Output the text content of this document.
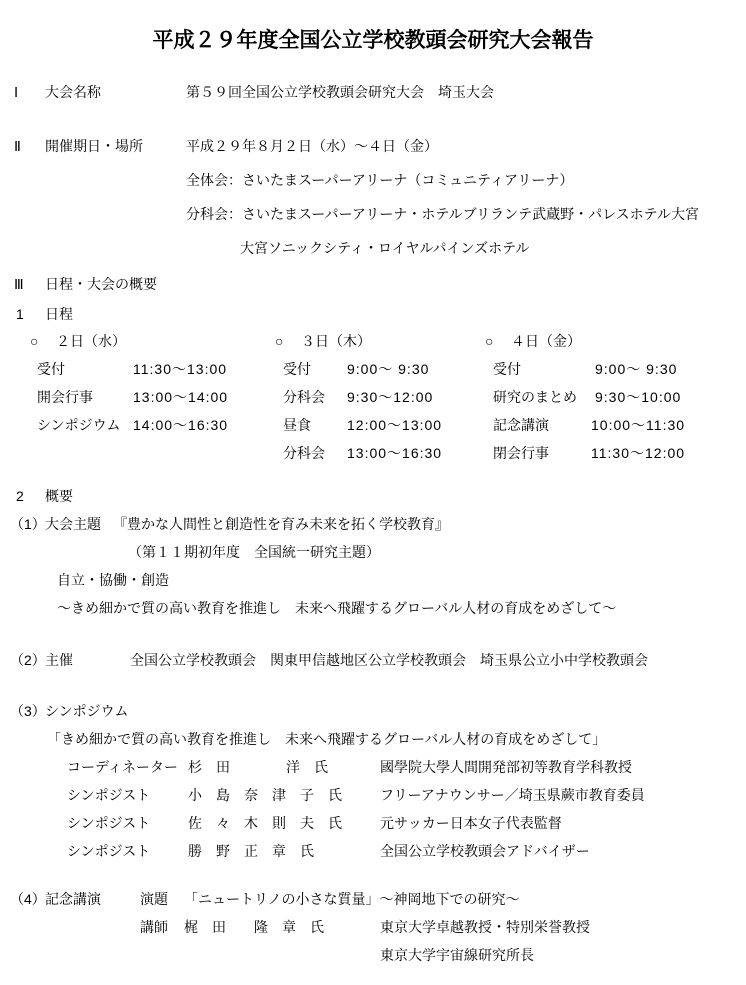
平成２９年度全国公立学校教頭会研究大会報告
Ⅰ 大会名称	第５９回全国公立学校教頭会研究大会　埼玉大会
Ⅱ 開催期日・場所	平成２９年８月２日（水）～４日（金）
全体会：さいたまスーパーアリーナ（コミュニティアリーナ）
分科会：さいたまスーパーアリーナ・ホテルブリランテ武蔵野・パレスホテル大宮
大宮ソニックシティ・ロイヤルパインズホテル
Ⅲ 日程・大会の概要
1 日程
○ ２日（水）
受付	11:30～13:00
開会行事	13:00～14:00
シンポジウム 14:00～16:30
○ ３日（木）
受付	9:00～ 9:30
分科会 9:30～12:00
昼食	12:00～13:00
分科会 13:00～16:30
○ ４日（金）
受付	9:00～ 9:30
研究のまとめ 9:30～10:00
記念講演	10:00～11:30
閉会行事	11:30～12:00
2 概要
（1） 大会主題 『豊かな人間性と創造性を育み未来を拓く学校教育』
（第１１期初年度　全国統一研究主題）
自立・協働・創造
～きめ細かで質の高い教育を推進し　未来へ飛躍するグローバル人材の育成をめざして～
（2） 主催	全国公立学校教頭会　関東甲信越地区公立学校教頭会　埼玉県公立小中学校教頭会
（3） シンポジウム
「きめ細かで質の高い教育を推進し　未来へ飛躍するグローバル人材の育成をめざして」
コーディネーター 杉　田　　　　洋　氏	國學院大學人間開発部初等教育学科教授
シンポジスト	小　島　奈　津　子　氏	フリーアナウンサー／埼玉県蕨市教育委員
シンポジスト	佐　々　木　則　夫　氏	元サッカー日本女子代表監督
シンポジスト	勝　野　正　章　氏	全国公立学校教頭会アドバイザー
（4） 記念講演	演題 「ニュートリノの小さな質量」～神岡地下での研究～
講師 梶　田　　隆　章　氏	東京大学卓越教授・特別栄誉教授
東京大学宇宙線研究所長
